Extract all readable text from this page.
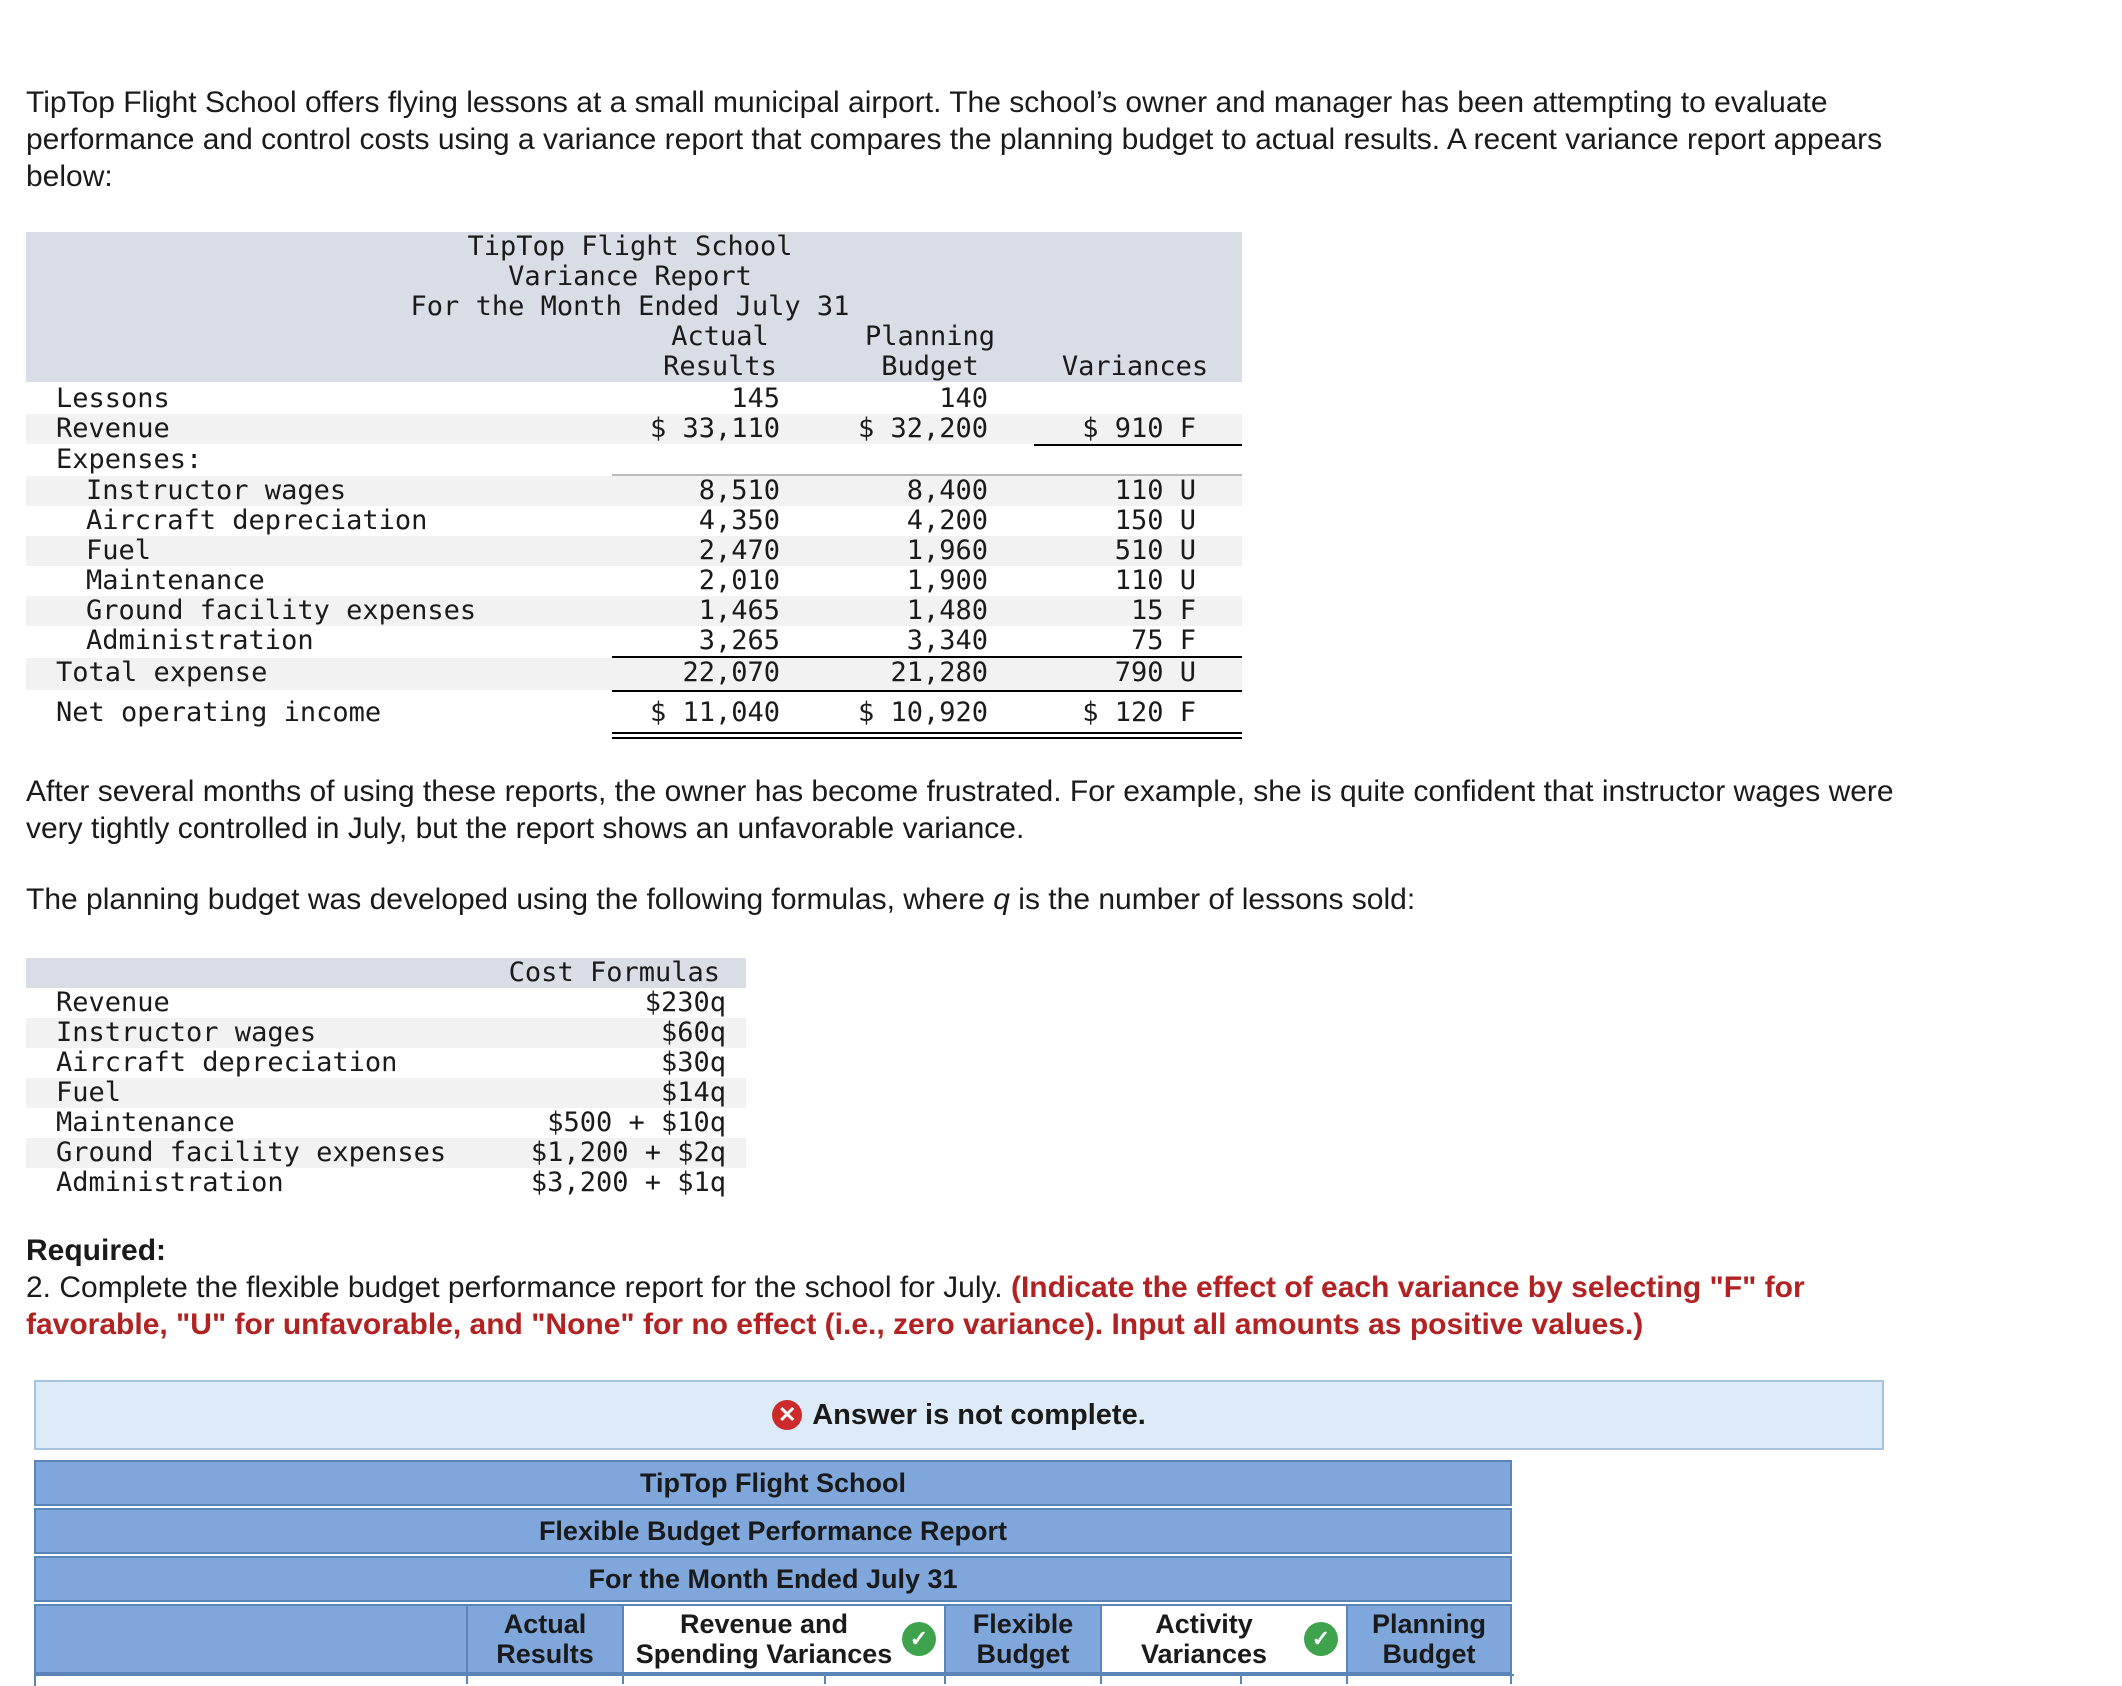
TipTop Flight School offers flying lessons at a small municipal airport. The school’s owner and manager has been attempting to evaluate performance and control costs using a variance report that compares the planning budget to actual results. A recent variance report appears below:

TipTop Flight School
Variance Report
For the Month Ended July 31
Actual
Results
Planning
Budget	Variances
Lessons	145	140
Revenue	$ 33,110	$ 32,200	$ 910 F
Expenses:
Instructor wages	8,510	8,400	110 U
Aircraft depreciation	4,350	4,200	150 U
Fuel	2,470	1,960	510 U
Maintenance	2,010	1,900	110 U
Ground facility expenses	1,465	1,480	15 F
Administration	3,265	3,340	75 F
Total expense	22,070	21,280	790 U
Net operating income	$ 11,040	$ 10,920	$ 120 F

After several months of using these reports, the owner has become frustrated. For example, she is quite confident that instructor wages were very tightly controlled in July, but the report shows an unfavorable variance.

The planning budget was developed using the following formulas, where q is the number of lessons sold:

Cost Formulas
Revenue	$230q
Instructor wages	$60q
Aircraft depreciation	$30q
Fuel	$14q
Maintenance	$500 + $10q
Ground facility expenses	$1,200 + $2q
Administration	$3,200 + $1q

Required:

2. Complete the flexible budget performance report for the school for July. (Indicate the effect of each variance by selecting "F" for favorable, "U" for unfavorable, and "None" for no effect (i.e., zero variance). Input all amounts as positive values.)

✕ Answer is not complete.
TipTop Flight School
Flexible Budget Performance Report
For the Month Ended July 31
Actual
Results
Revenue and
Spending Variances
✓ Flexible
Budget
Activity
Variances
✓ Planning
Budget
